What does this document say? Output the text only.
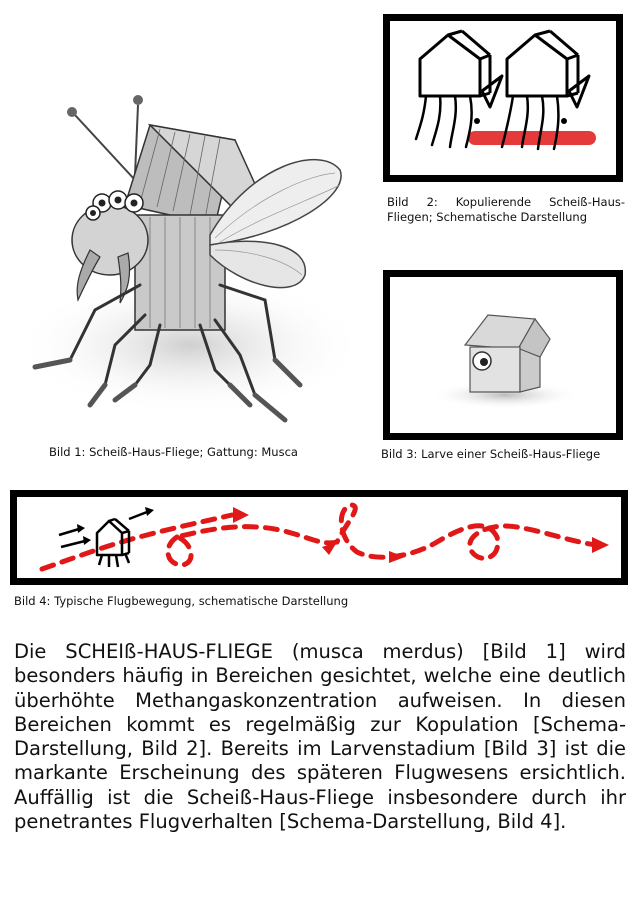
Bild 1: Scheiß-Haus-Fliege; Gattung: Musca
Bild 2: Kopulierende Scheiß-Haus-Fliegen; Schematische Darstellung
Bild 3: Larve einer Scheiß-Haus-Fliege
Bild 4: Typische Flugbewegung, schematische Darstellung
Die SCHEIß-HAUS-FLIEGE (musca merdus) [Bild 1] wird besonders häufig in Bereichen gesichtet, welche eine deutlich überhöhte Methangaskonzentration aufweisen. In diesen Bereichen kommt es regelmäßig zur Kopulation [Schema-Darstellung, Bild 2]. Bereits im Larvenstadium [Bild 3] ist die markante Erscheinung des späteren Flugwesens ersichtlich. Auffällig ist die Scheiß-Haus-Fliege insbesondere durch ihr penetrantes Flugverhalten [Schema-Darstellung, Bild 4].
